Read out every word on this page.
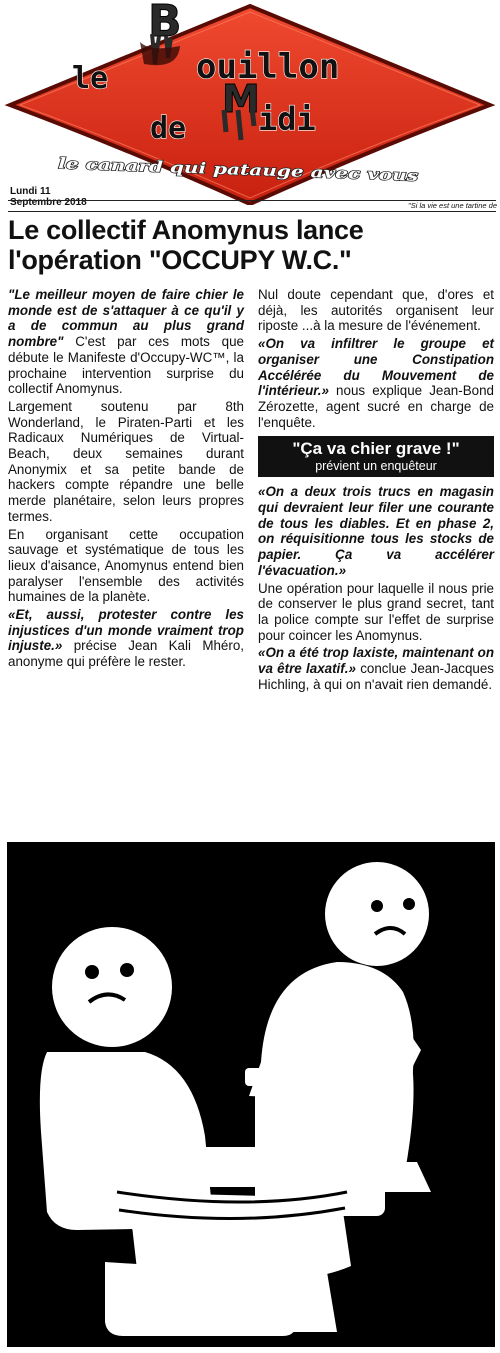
B
M
le	ouillon
de idi
le canard qui patauge avec vous
Lundi 11
Septembre 2018	"Si la vie est une tartine de
Le collectif Anomynus lance l'opération "OCCUPY W.C."

"Le meilleur moyen de faire chier le monde est de s'attaquer à ce qu'il y a de commun au plus grand nombre" C'est par ces mots que débute le Manifeste d'Occupy-WC™, la prochaine intervention surprise du collectif Anomynus.

Largement soutenu par 8th Wonderland, le Piraten-Parti et les Radicaux Numériques de Virtual-Beach, deux semaines durant Anonymix et sa petite bande de hackers compte répandre une belle merde planétaire, selon leurs propres termes.

En organisant cette occupation sauvage et systématique de tous les lieux d'aisance, Anomynus entend bien paralyser l'ensemble des activités humaines de la planète.

«Et, aussi, protester contre les injustices d'un monde vraiment trop injuste.» précise Jean Kali Mhéro, anonyme qui préfère le rester.

Nul doute cependant que, d'ores et déjà, les autorités organisent leur riposte ...à la mesure de l'événement.

«On va infiltrer le groupe et organiser une Constipation Accélérée du Mouvement de l'intérieur.» nous explique Jean-Bond Zérozette, agent sucré en charge de l'enquête.

"Ça va chier grave !"
prévient un enquêteur

«On a deux trois trucs en magasin qui devraient leur filer une courante de tous les diables. Et en phase 2, on réquisitionne tous les stocks de papier. Ça va accélérer l'évacuation.»

Une opération pour laquelle il nous prie de conserver le plus grand secret, tant la police compte sur l'effet de surprise pour coincer les Anomynus.

«On a été trop laxiste, maintenant on va être laxatif.» conclue Jean-Jacques Hichling, à qui on n'avait rien demandé.
